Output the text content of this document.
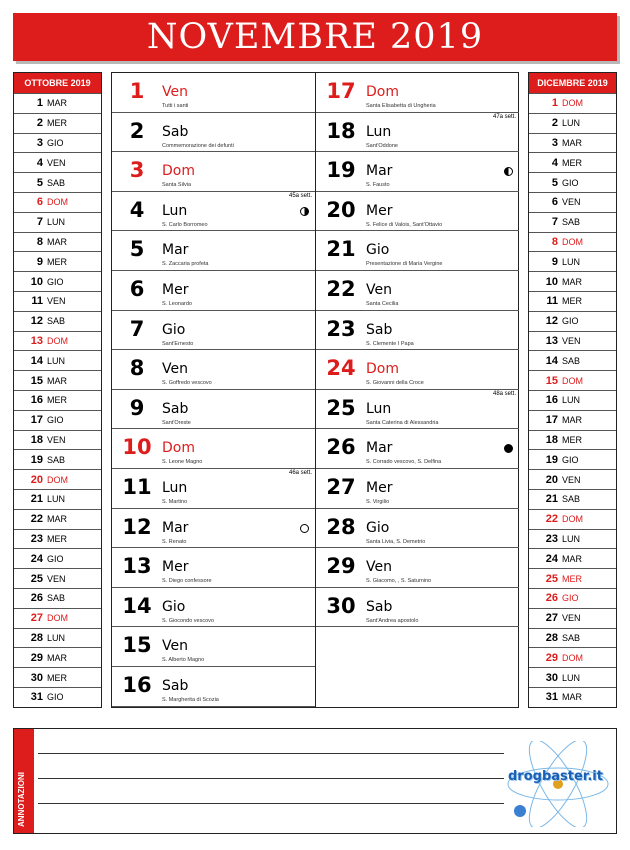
NOVEMBRE 2019
OTTOBRE 2019
1 MAR
2 MER
3 GIO
4 VEN
5 SAB
6 DOM
7 LUN
8 MAR
9 MER
10 GIO
11 VEN
12 SAB
13 DOM
14 LUN
15 MAR
16 MER
17 GIO
18 VEN
19 SAB
20 DOM
21 LUN
22 MAR
23 MER
24 GIO
25 VEN
26 SAB
27 DOM
28 LUN
29 MAR
30 MER
31 GIO
DICEMBRE 2019
1 DOM
2 LUN
3 MAR
4 MER
5 GIO
6 VEN
7 SAB
8 DOM
9 LUN
10 MAR
11 MER
12 GIO
13 VEN
14 SAB
15 DOM
16 LUN
17 MAR
18 MER
19 GIO
20 VEN
21 SAB
22 DOM
23 LUN
24 MAR
25 MER
26 GIO
27 VEN
28 SAB
29 DOM
30 LUN
31 MAR
1	Ven
Tutti i santi
2	Sab
Commemorazione dei defunti
3	Dom
Santa Silvia
4	Lun
S. Carlo Borromeo
45a sett.
5	Mar
S. Zaccaria profeta
6	Mer
S. Leonardo
7	Gio
Sant'Ernesto
8	Ven
S. Goffredo vescovo
9	Sab
Sant'Oreste
10 Dom
S. Leone Magno
11 Lun
S. Martino
46a sett.
12 Mar
S. Renato
13 Mer
S. Diego confessore
14 Gio
S. Giocondo vescovo
15 Ven
S. Alberto Magno
16 Sab
S. Margherita di Scozia
17 Dom
Santa Elisabetta di Ungheria
18 Lun
Sant'Oddone
47a sett.
19 Mar
S. Fausto
20 Mer
S. Felice di Valois, Sant'Ottavio
21 Gio
Presentazione di Maria Vergine
22 Ven
Santa Cecilia
23 Sab
S. Clemente I Papa
24 Dom
S. Giovanni della Croce
25 Lun
Santa Caterina di Alessandria
48a sett.
26 Mar
S. Corrado vescovo, S. Delfina
27 Mer
S. Virgilio
28 Gio
Santa Livia, S. Demetrio
29 Ven
S. Giacomo, , S. Saturnino
30 Sab
Sant'Andrea apostolo
ANNOTAZIONI	drogbaster.it
